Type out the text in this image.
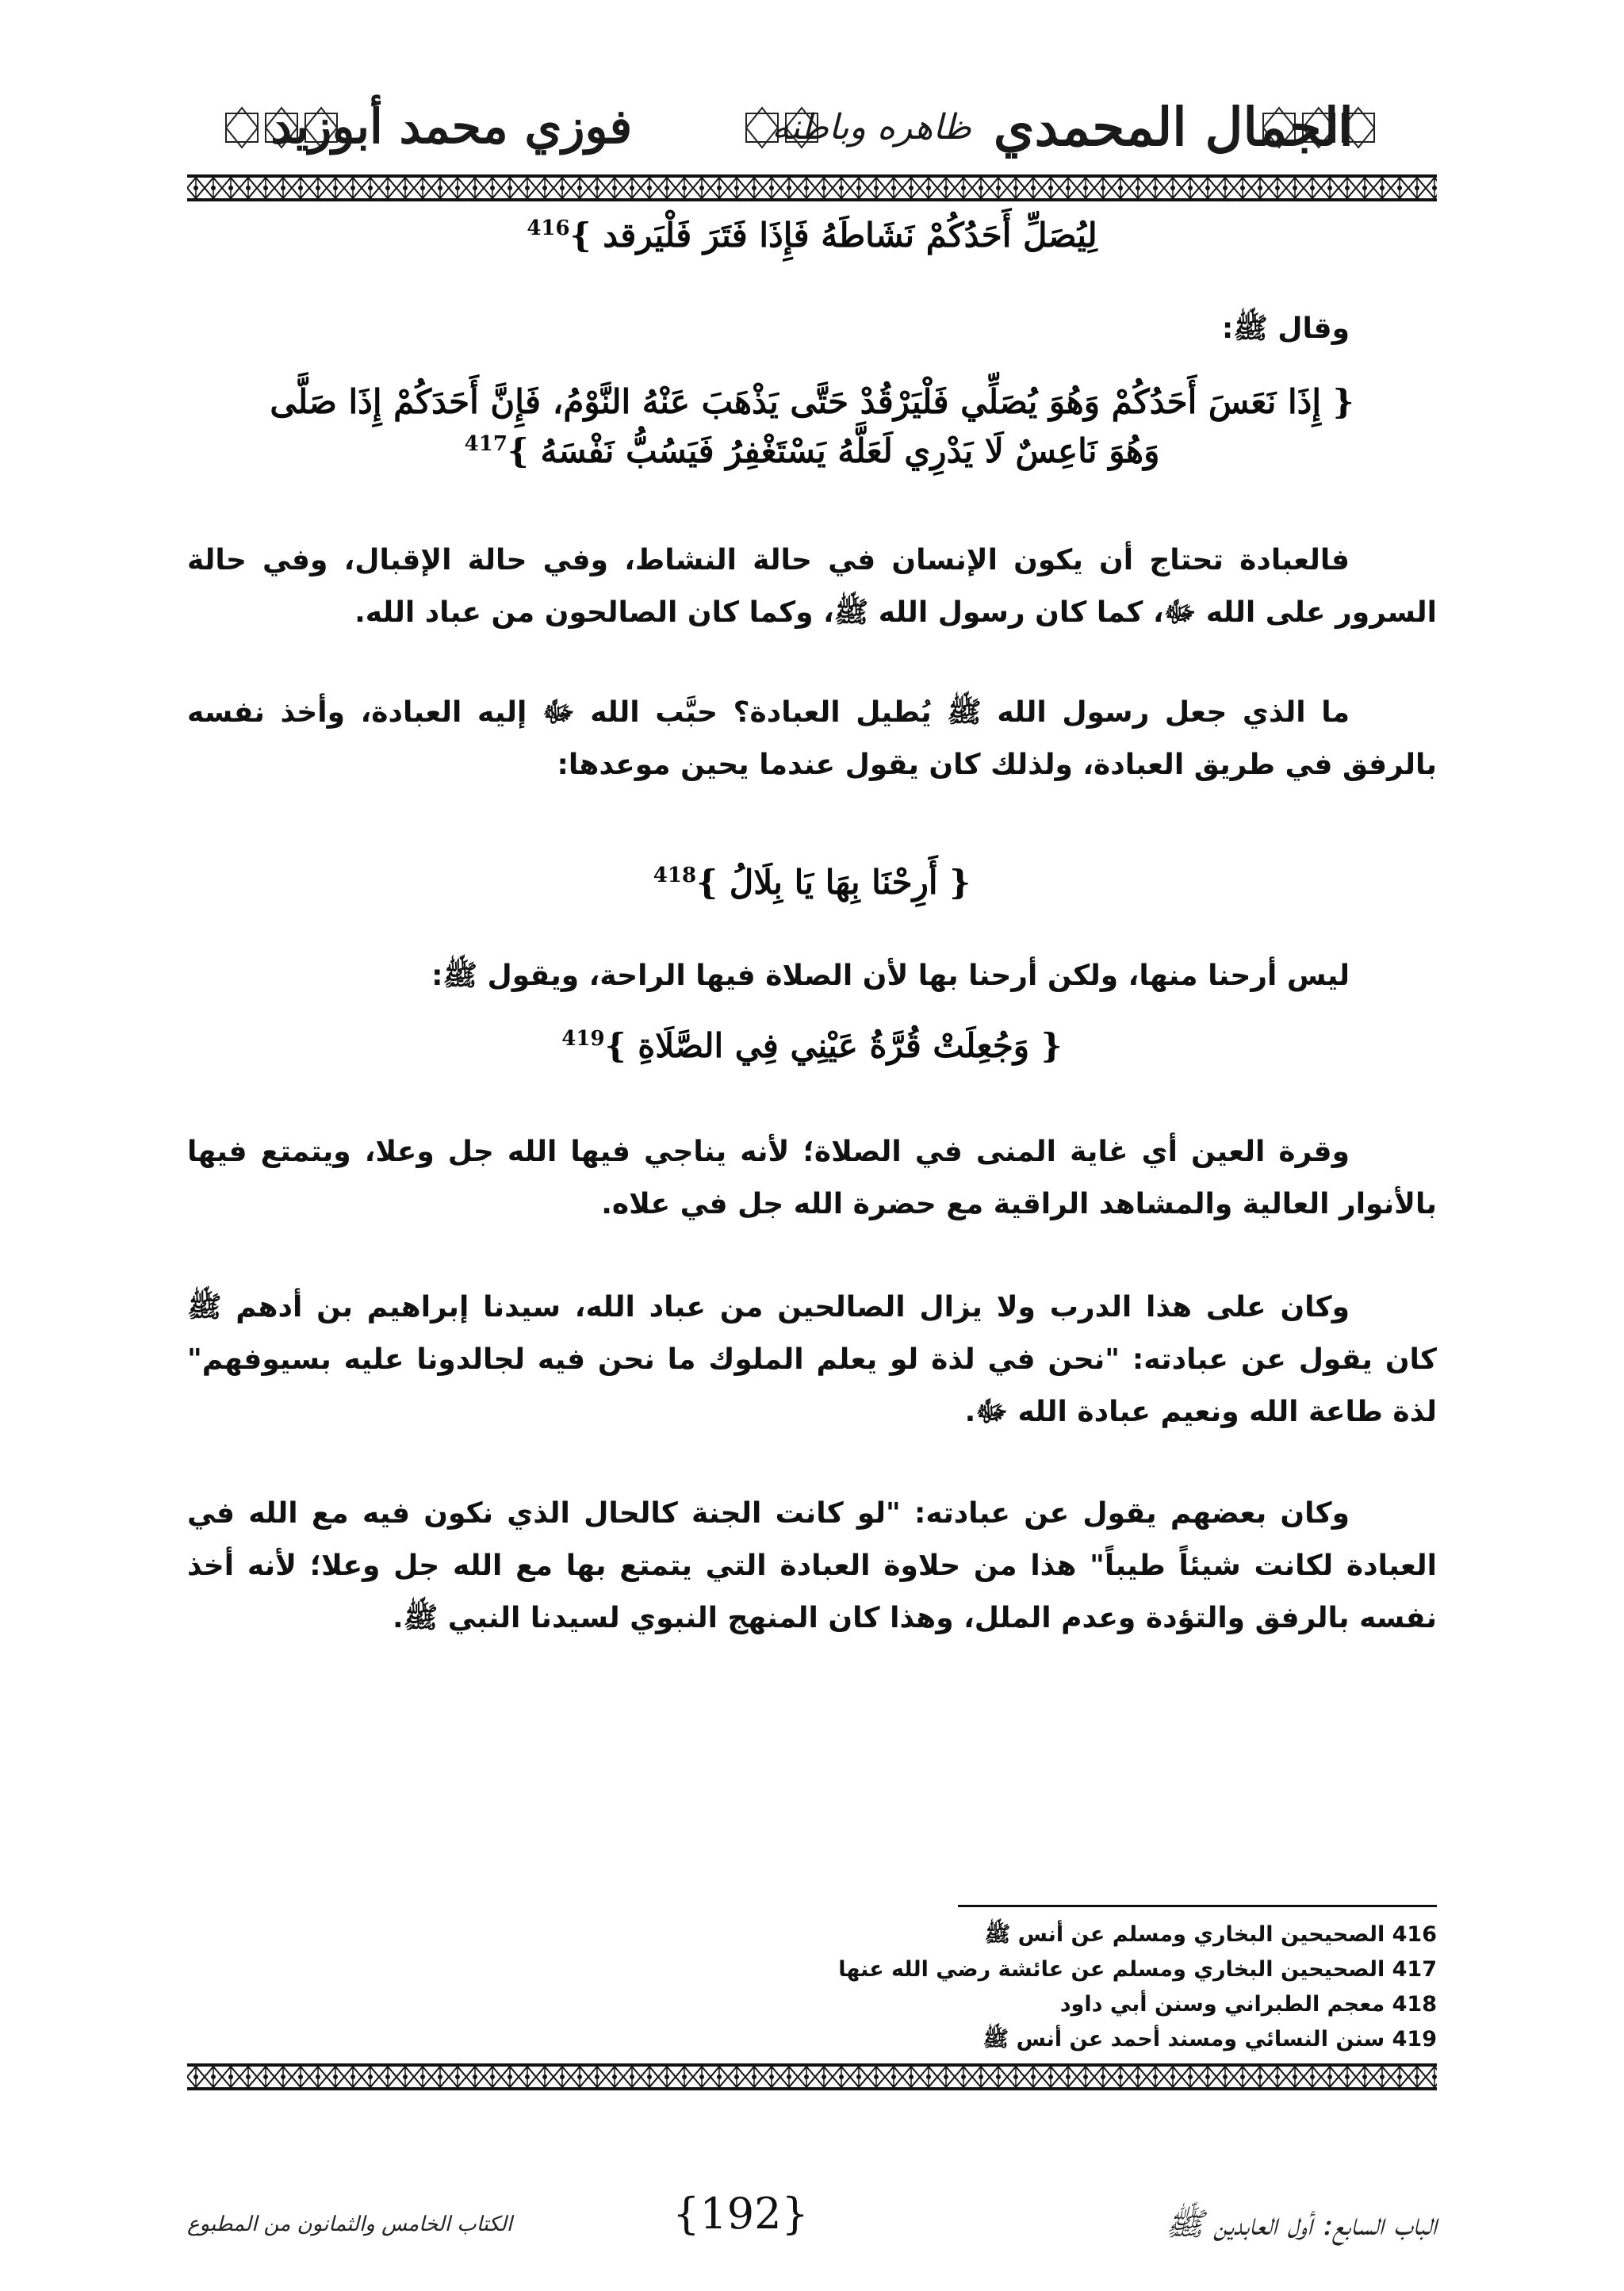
الجمال المحمدي
ظاهره وباطنه
فوزي محمد أبوزيد

لِيُصَلِّ أَحَدُكُمْ نَشَاطَهُ فَإِذَا فَتَرَ فَلْيَرقد }$^{416}$

وقال ﷺ:

{ إِذَا نَعَسَ أَحَدُكُمْ وَهُوَ يُصَلِّي فَلْيَرْقُدْ حَتَّى يَذْهَبَ عَنْهُ النَّوْمُ، فَإِنَّ أَحَدَكُمْ إِذَا صَلَّى

وَهُوَ نَاعِسٌ لَا يَدْرِي لَعَلَّهُ يَسْتَغْفِرُ فَيَسُبُّ نَفْسَهُ }$^{417}$

فالعبادة تحتاج أن يكون الإنسان في حالة النشاط، وفي حالة الإقبال، وفي حالة السرور على الله ﷻ، كما كان رسول الله ﷺ، وكما كان الصالحون من عباد الله.

ما الذي جعل رسول الله ﷺ يُطيل العبادة؟ حبَّب الله ﷻ إليه العبادة، وأخذ نفسه بالرفق في طريق العبادة، ولذلك كان يقول عندما يحين موعدها:

{ أَرِحْنَا بِهَا يَا بِلَالُ }$^{418}$

ليس أرحنا منها، ولكن أرحنا بها لأن الصلاة فيها الراحة، ويقول ﷺ:

{ وَجُعِلَتْ قُرَّةُ عَيْنِي فِي الصَّلَاةِ }$^{419}$

وقرة العين أي غاية المنى في الصلاة؛ لأنه يناجي فيها الله جل وعلا، ويتمتع فيها بالأنوار العالية والمشاهد الراقية مع حضرة الله جل في علاه.

وكان على هذا الدرب ولا يزال الصالحين من عباد الله، سيدنا إبراهيم بن أدهم ﷺ كان يقول عن عبادته: "نحن في لذة لو يعلم الملوك ما نحن فيه لجالدونا عليه بسيوفهم" لذة طاعة الله ونعيم عبادة الله ﷻ.

وكان بعضهم يقول عن عبادته: "لو كانت الجنة كالحال الذي نكون فيه مع الله في العبادة لكانت شيئاً طيباً" هذا من حلاوة العبادة التي يتمتع بها مع الله جل وعلا؛ لأنه أخذ نفسه بالرفق والتؤدة وعدم الملل، وهذا كان المنهج النبوي لسيدنا النبي ﷺ.

416 الصحيحين البخاري ومسلم عن أنس ﷺ

417 الصحيحين البخاري ومسلم عن عائشة رضي الله عنها

418 معجم الطبراني وسنن أبي داود

419 سنن النسائي ومسند أحمد عن أنس ﷺ

الباب السابع: أول العابدين ﷺ

{192}

الكتاب الخامس والثمانون من المطبوع
